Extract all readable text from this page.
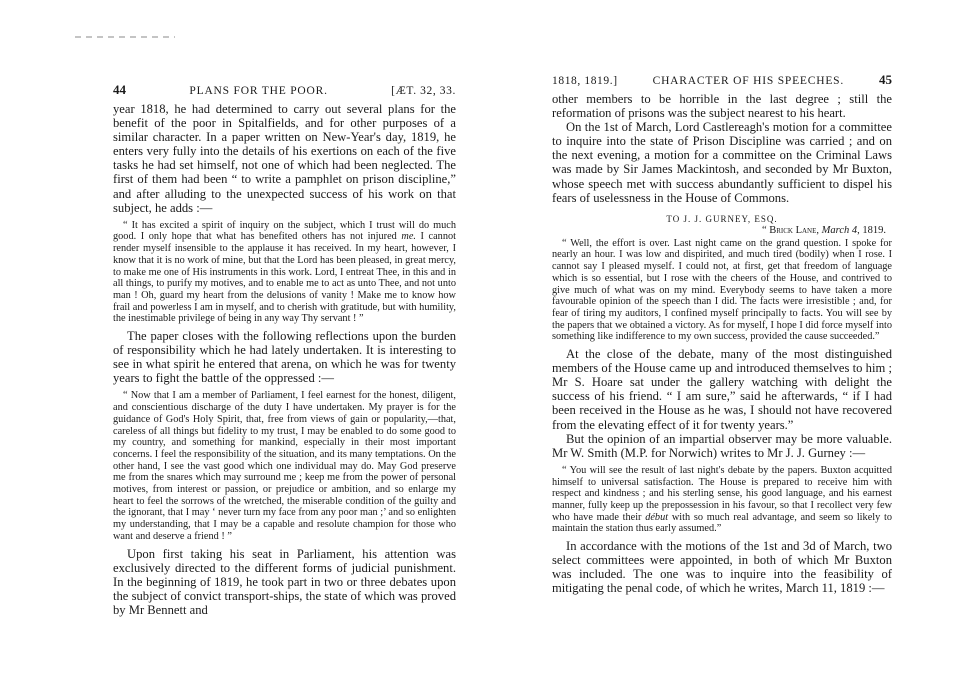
44	PLANS FOR THE POOR.	[ÆT. 32, 33.

year 1818, he had determined to carry out several plans for the benefit of the poor in Spitalfields, and for other purposes of a similar character. In a paper written on New-Year's day, 1819, he enters very fully into the details of his exertions on each of the five tasks he had set himself, not one of which had been neglected. The first of them had been “ to write a pamphlet on prison discipline,” and after alluding to the unexpected success of his work on that subject, he adds :—

“ It has excited a spirit of inquiry on the subject, which I trust will do much good. I only hope that what has benefited others has not injured me. I cannot render myself insensible to the applause it has received. In my heart, however, I know that it is no work of mine, but that the Lord has been pleased, in great mercy, to make me one of His instruments in this work. Lord, I entreat Thee, in this and in all things, to purify my motives, and to enable me to act as unto Thee, and not unto man ! Oh, guard my heart from the delusions of vanity ! Make me to know how frail and powerless I am in myself, and to cherish with gratitude, but with humility, the inestimable privilege of being in any way Thy servant ! ”

The paper closes with the following reflections upon the burden of responsibility which he had lately undertaken. It is interesting to see in what spirit he entered that arena, on which he was for twenty years to fight the battle of the oppressed :—

“ Now that I am a member of Parliament, I feel earnest for the honest, diligent, and conscientious discharge of the duty I have undertaken. My prayer is for the guidance of God's Holy Spirit, that, free from views of gain or popularity,—that, careless of all things but fidelity to my trust, I may be enabled to do some good to my country, and something for mankind, especially in their most important concerns. I feel the responsibility of the situation, and its many temptations. On the other hand, I see the vast good which one individual may do. May God preserve me from the snares which may surround me ; keep me from the power of personal motives, from interest or passion, or prejudice or ambition, and so enlarge my heart to feel the sorrows of the wretched, the miserable condition of the guilty and the ignorant, that I may ‘ never turn my face from any poor man ;’ and so enlighten my understanding, that I may be a capable and resolute champion for those who want and deserve a friend ! ”

Upon first taking his seat in Parliament, his attention was exclusively directed to the different forms of judicial punishment. In the beginning of 1819, he took part in two or three debates upon the subject of convict transport-ships, the state of which was proved by Mr Bennett and

1818, 1819.]	CHARACTER OF HIS SPEECHES.	45

other members to be horrible in the last degree ; still the reformation of prisons was the subject nearest to his heart.

On the 1st of March, Lord Castlereagh's motion for a committee to inquire into the state of Prison Discipline was carried ; and on the next evening, a motion for a committee on the Criminal Laws was made by Sir James Mackintosh, and seconded by Mr Buxton, whose speech met with success abundantly sufficient to dispel his fears of uselessness in the House of Commons.

TO J. J. GURNEY, ESQ.
“ Brick Lane, March 4, 1819.

“ Well, the effort is over. Last night came on the grand question. I spoke for nearly an hour. I was low and dispirited, and much tired (bodily) when I rose. I cannot say I pleased myself. I could not, at first, get that freedom of language which is so essential, but I rose with the cheers of the House, and contrived to give much of what was on my mind. Everybody seems to have taken a more favourable opinion of the speech than I did. The facts were irresistible ; and, for fear of tiring my auditors, I confined myself principally to facts. You will see by the papers that we obtained a victory. As for myself, I hope I did force myself into something like indifference to my own success, provided the cause succeeded.”

At the close of the debate, many of the most distinguished members of the House came up and introduced themselves to him ; Mr S. Hoare sat under the gallery watching with delight the success of his friend. “ I am sure,” said he afterwards, “ if I had been received in the House as he was, I should not have recovered from the elevating effect of it for twenty years.”

But the opinion of an impartial observer may be more valuable. Mr W. Smith (M.P. for Norwich) writes to Mr J. J. Gurney :—

“ You will see the result of last night's debate by the papers. Buxton acquitted himself to universal satisfaction. The House is prepared to receive him with respect and kindness ; and his sterling sense, his good language, and his earnest manner, fully keep up the prepossession in his favour, so that I recollect very few who have made their début with so much real advantage, and seem so likely to maintain the station thus early assumed.”

In accordance with the motions of the 1st and 3d of March, two select committees were appointed, in both of which Mr Buxton was included. The one was to inquire into the feasibility of mitigating the penal code, of which he writes, March 11, 1819 :—
